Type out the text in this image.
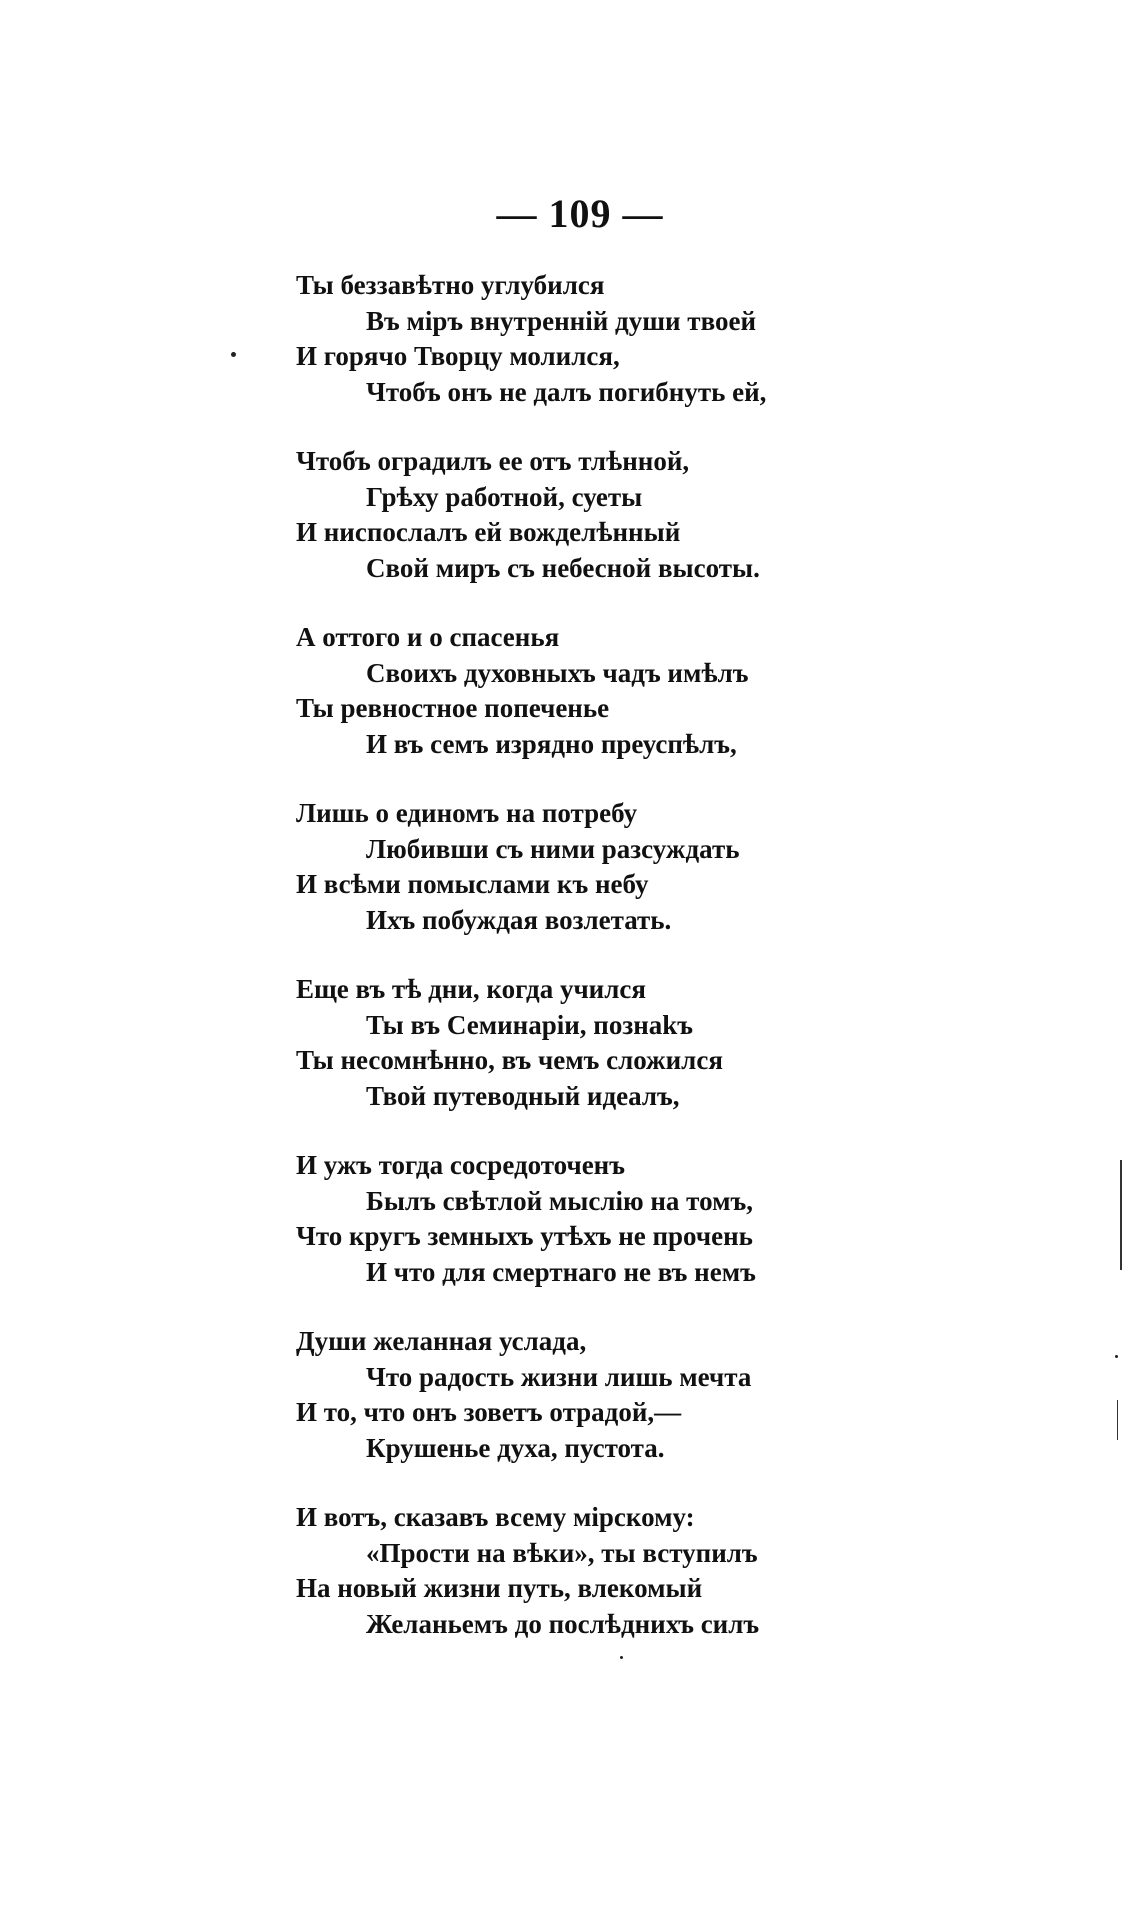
— 109 —
Ты беззавѣтно углубился
Въ міръ внутренній души твоей
И горячо Творцу молился,
Чтобъ онъ не далъ погибнуть ей,
Чтобъ оградилъ ее отъ тлѣнной,
Грѣху работной, суеты
И ниспослалъ ей вожделѣнный
Свой миръ съ небесной высоты.
А оттого и о спасенья
Своихъ духовныхъ чадъ имѣлъ
Ты ревностное попеченье
И въ семъ изрядно преуспѣлъ,
Лишь о единомъ на потребу
Любивши съ ними разсуждать
И всѣми помыслами къ небу
Ихъ побуждая возлетать.
Еще въ тѣ дни, когда учился
Ты въ Семинаріи, познаkъ
Ты несомнѣнно, въ чемъ сложился
Твой путеводный идеалъ,
И ужъ тогда сосредоточенъ
Былъ свѣтлой мыслію на томъ,
Что кругъ земныхъ утѣхъ не прочень
И что для смертнаго не въ немъ
Души желанная услада,
Что радость жизни лишь мечта
И то, что онъ зоветъ отрадой,—
Крушенье духа, пустота.
И вотъ, сказавъ всему мірскому:
«Прости на вѣки», ты вступилъ
На новый жизни путь, влекомый
Желаньемъ до послѣднихъ силъ
